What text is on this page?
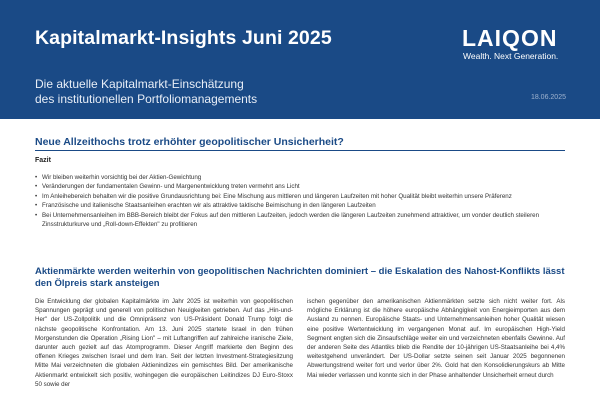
Kapitalmarkt-Insights Juni 2025	LAIQON
Wealth. Next Generation.
Die aktuelle Kapitalmarkt-Einschätzung
des institutionellen Portfoliomanagements	18.06.2025
Neue Allzeithochs trotz erhöhter geopolitischer Unsicherheit?
Fazit
• Wir bleiben weiterhin vorsichtig bei der Aktien-Gewichtung
• Veränderungen der fundamentalen Gewinn- und Margenentwicklung treten vermehrt ans Licht
• Im Anleihebereich behalten wir die positive Grundausrichtung bei: Eine Mischung aus mittleren und längeren Laufzeiten mit hoher Qualität bleibt weiterhin unsere Präferenz
• Französische und italienische Staatsanleihen erachten wir als attraktive taktische Beimischung in den längeren Laufzeiten
• Bei Unternehmensanleihen im BBB-Bereich bleibt der Fokus auf den mittleren Laufzeiten, jedoch werden die längeren Laufzeiten zunehmend attraktiver, um vonder deutlich steileren Zinsstrukturkurve und „Roll-down-Effekten" zu profitieren
Aktienmärkte werden weiterhin von geopolitischen Nachrichten dominiert – die Eskalation des Nahost-Konflikts lässt den Ölpreis stark ansteigen
Die Entwicklung der globalen Kapitalmärkte im Jahr 2025 ist weiterhin von geopolitischen Spannungen geprägt und generell von politischen Neuigkeiten getrieben. Auf das „Hin-und-Her" der US-Zollpolitik und die Omnipräsenz von US-Präsident Donald Trump folgt die nächste geopolitische Konfrontation. Am 13. Juni 2025 startete Israel in den frühen Morgenstunden die Operation „Rising Lion" – mit Luftangriffen auf zahlreiche iranische Ziele, darunter auch gezielt auf das Atomprogramm. Dieser Angriff markierte den Beginn des offenen Krieges zwischen Israel und dem Iran. Seit der letzten Investment-Strategiesitzung Mitte Mai verzeichneten die globalen Aktienindizes ein gemischtes Bild. Der amerikanische Aktienmarkt entwickelt sich positiv, wohingegen die europäischen Leitindizes DJ Euro-Stoxx 50 sowie der
ischen gegenüber den amerikanischen Aktienmärkten setzte sich nicht weiter fort. Als mögliche Erklärung ist die höhere europäische Abhängigkeit von Energieimporten aus dem Ausland zu nennen. Europäische Staats- und Unternehmensanleihen hoher Qualität wiesen eine positive Wertentwicklung im vergangenen Monat auf. Im europäischen High-Yield Segment engten sich die Zinsaufschläge weiter ein und verzeichneten ebenfalls Gewinne. Auf der anderen Seite des Atlantiks blieb die Rendite der 10-jährigen US-Staatsanleihe bei 4,4% weitestgehend unverändert. Der US-Dollar setzte seinen seit Januar 2025 begonnenen Abwertungstrend weiter fort und verlor über 2%. Gold hat den Konsolidierungskurs ab Mitte Mai wieder verlassen und konnte sich in der Phase anhaltender Unsicherheit erneut durch
